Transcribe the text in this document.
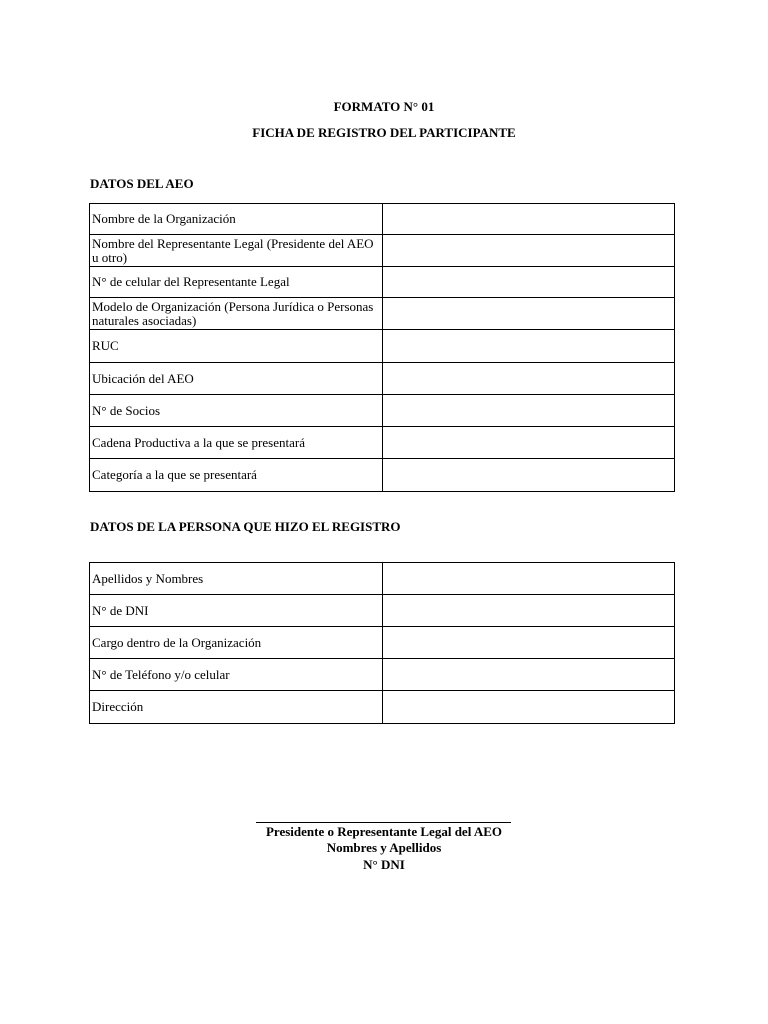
FORMATO N° 01
FICHA DE REGISTRO DEL PARTICIPANTE
DATOS DEL AEO
Nombre de la Organización	
Nombre del Representante Legal (Presidente del AEO u otro)	
N° de celular del Representante Legal	
Modelo de Organización (Persona Jurídica o Personas naturales asociadas)	
RUC	
Ubicación del AEO	
N° de Socios	
Cadena Productiva a la que se presentará	
Categoría a la que se presentará	
DATOS DE LA PERSONA QUE HIZO EL REGISTRO
Apellidos y Nombres	
N° de DNI	
Cargo dentro de la Organización	
N° de Teléfono y/o celular	
Dirección	
Presidente o Representante Legal del AEO
Nombres y Apellidos
N° DNI
